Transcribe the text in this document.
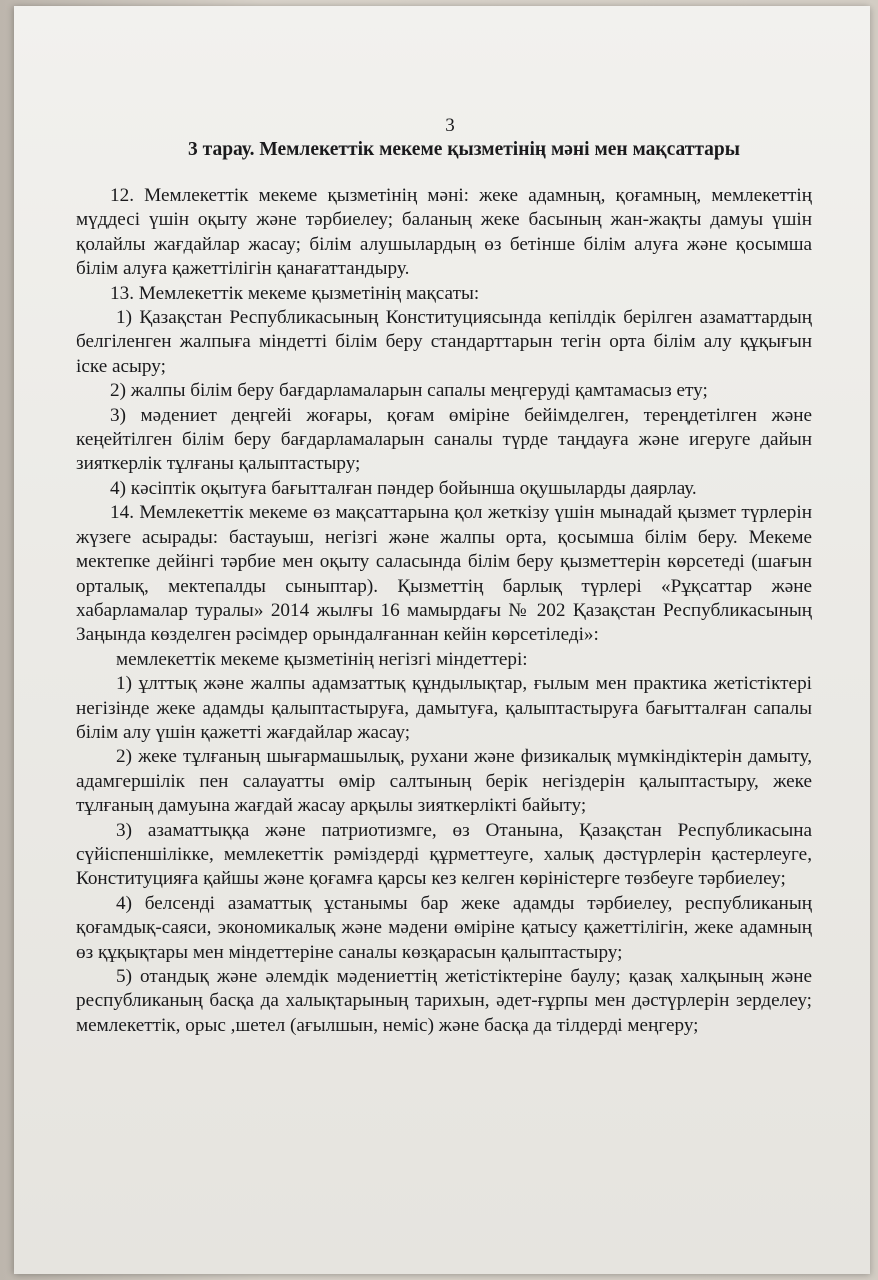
3
3 тарау. Мемлекеттік мекеме қызметінің мәні мен мақсаттары

12. Мемлекеттік мекеме қызметінің мәні: жеке адамның, қоғамның, мемлекеттің мүддесі үшін оқыту және тәрбиелеу; баланың жеке басының жан-жақты дамуы үшін қолайлы жағдайлар жасау; білім алушылардың өз бетінше білім алуға және қосымша білім алуға қажеттілігін қанағаттандыру.

13. Мемлекеттік мекеме қызметінің мақсаты:

1) Қазақстан Республикасының Конституциясында кепілдік берілген азаматтардың белгіленген жалпыға міндетті білім беру стандарттарын тегін орта білім алу құқығын іске асыру;

2) жалпы білім беру бағдарламаларын сапалы меңгеруді қамтамасыз ету;

3) мәдениет деңгейі жоғары, қоғам өміріне бейімделген, тереңдетілген және кеңейтілген білім беру бағдарламаларын саналы түрде таңдауға және игеруге дайын зияткерлік тұлғаны қалыптастыру;

4) кәсіптік оқытуға бағытталған пәндер бойынша оқушыларды даярлау.

14. Мемлекеттік мекеме өз мақсаттарына қол жеткізу үшін мынадай қызмет түрлерін жүзеге асырады: бастауыш, негізгі және жалпы орта, қосымша білім беру. Мекеме мектепке дейінгі тәрбие мен оқыту саласында білім беру қызметтерін көрсетеді (шағын орталық, мектепалды сыныптар). Қызметтің барлық түрлері «Рұқсаттар және хабарламалар туралы» 2014 жылғы 16 мамырдағы № 202 Қазақстан Республикасының Заңында көзделген рәсімдер орындалғаннан кейін көрсетіледі»:

мемлекеттік мекеме қызметінің негізгі міндеттері:

1) ұлттық және жалпы адамзаттық құндылықтар, ғылым мен практика жетістіктері негізінде жеке адамды қалыптастыруға, дамытуға, қалыптастыруға бағытталған сапалы білім алу үшін қажетті жағдайлар жасау;

2) жеке тұлғаның шығармашылық, рухани және физикалық мүмкіндіктерін дамыту, адамгершілік пен салауатты өмір салтының берік негіздерін қалыптастыру, жеке тұлғаның дамуына жағдай жасау арқылы зияткерлікті байыту;

3) азаматтыққа және патриотизмге, өз Отанына, Қазақстан Республикасына сүйіспеншілікке, мемлекеттік рәміздерді құрметтеуге, халық дәстүрлерін қастерлеуге, Конституцияға қайшы және қоғамға қарсы кез келген көріністерге төзбеуге тәрбиелеу;

4) белсенді азаматтық ұстанымы бар жеке адамды тәрбиелеу, республиканың қоғамдық-саяси, экономикалық және мәдени өміріне қатысу қажеттілігін, жеке адамның өз құқықтары мен міндеттеріне саналы көзқарасын қалыптастыру;

5) отандық және әлемдік мәдениеттің жетістіктеріне баулу; қазақ халқының және республиканың басқа да халықтарының тарихын, әдет-ғұрпы мен дәстүрлерін зерделеу; мемлекеттік, орыс ,шетел (ағылшын, неміс) және басқа да тілдерді меңгеру;
